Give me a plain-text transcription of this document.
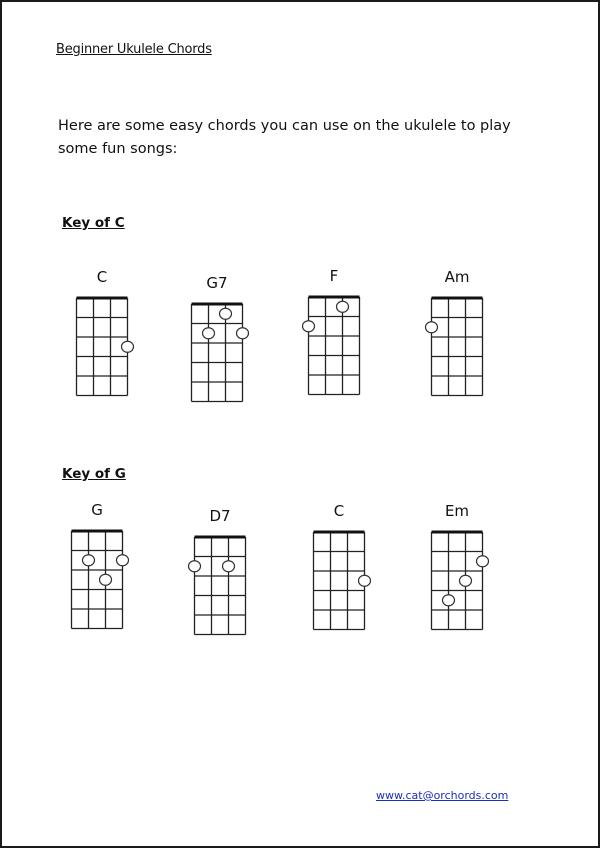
Beginner Ukulele Chords
Here are some easy chords you can use on the ukulele to play some fun songs:
Key of C
Key of G
C	G7	F	Am
G	D7	C	Em
www.cat@orchords.com
